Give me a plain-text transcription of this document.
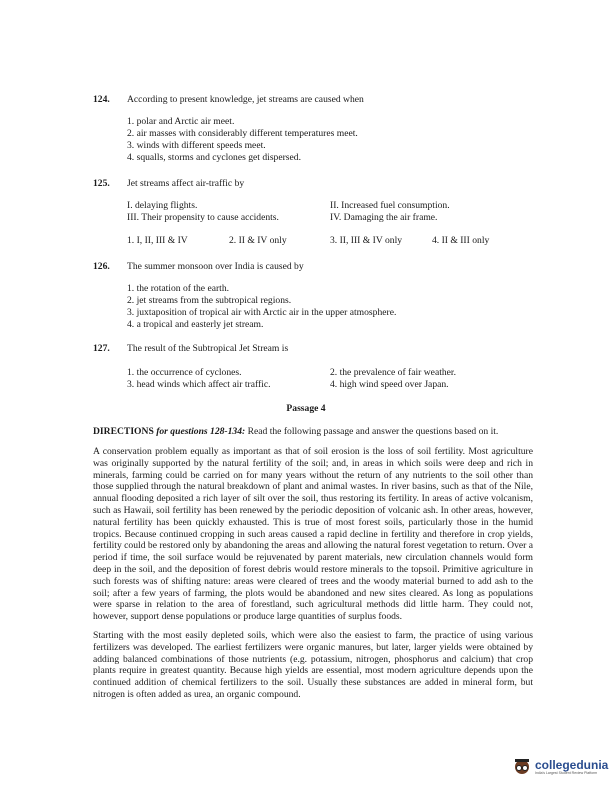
124. According to present knowledge, jet streams are caused when
1. polar and Arctic air meet.
2. air masses with considerably different temperatures meet.
3. winds with different speeds meet.
4. squalls, storms and cyclones get dispersed.
125. Jet streams affect air-traffic by
I. delaying flights.	II. Increased fuel consumption.
III. Their propensity to cause accidents.	IV. Damaging the air frame.
1. I, II, III & IV	2. II & IV only	3. II, III & IV only	4. II & III only
126. The summer monsoon over India is caused by
1. the rotation of the earth.
2. jet streams from the subtropical regions.
3. juxtaposition of tropical air with Arctic air in the upper atmosphere.
4. a tropical and easterly jet stream.
127. The result of the Subtropical Jet Stream is
1. the occurrence of cyclones.	2. the prevalence of fair weather.
3. head winds which affect air traffic.	4. high wind speed over Japan.
Passage 4
DIRECTIONS for questions 128-134: Read the following passage and answer the questions based on it.
A conservation problem equally as important as that of soil erosion is the loss of soil fertility. Most agriculture was originally supported by the natural fertility of the soil; and, in areas in which soils were deep and rich in minerals, farming could be carried on for many years without the return of any nutrients to the soil other than those supplied through the natural breakdown of plant and animal wastes. In river basins, such as that of the Nile, annual flooding deposited a rich layer of silt over the soil, thus restoring its fertility. In areas of active volcanism, such as Hawaii, soil fertility has been renewed by the periodic deposition of volcanic ash. In other areas, however, natural fertility has been quickly exhausted. This is true of most forest soils, particularly those in the humid tropics. Because continued cropping in such areas caused a rapid decline in fertility and therefore in crop yields, fertility could be restored only by abandoning the areas and allowing the natural forest vegetation to return. Over a period if time, the soil surface would be rejuvenated by parent materials, new circulation channels would form deep in the soil, and the deposition of forest debris would restore minerals to the topsoil. Primitive agriculture in such forests was of shifting nature: areas were cleared of trees and the woody material burned to add ash to the soil; after a few years of farming, the plots would be abandoned and new sites cleared. As long as populations were sparse in relation to the area of forestland, such agricultural methods did little harm. They could not, however, support dense populations or produce large quantities of surplus foods.
Starting with the most easily depleted soils, which were also the easiest to farm, the practice of using various fertilizers was developed. The earliest fertilizers were organic manures, but later, larger yields were obtained by adding balanced combinations of those nutrients (e.g. potassium, nitrogen, phosphorus and calcium) that crop plants require in greatest quantity. Because high yields are essential, most modern agriculture depends upon the continued addition of chemical fertilizers to the soil. Usually these substances are added in mineral form, but nitrogen is often added as urea, an organic compound.
collegedunia
India's Largest Student Review Platform
